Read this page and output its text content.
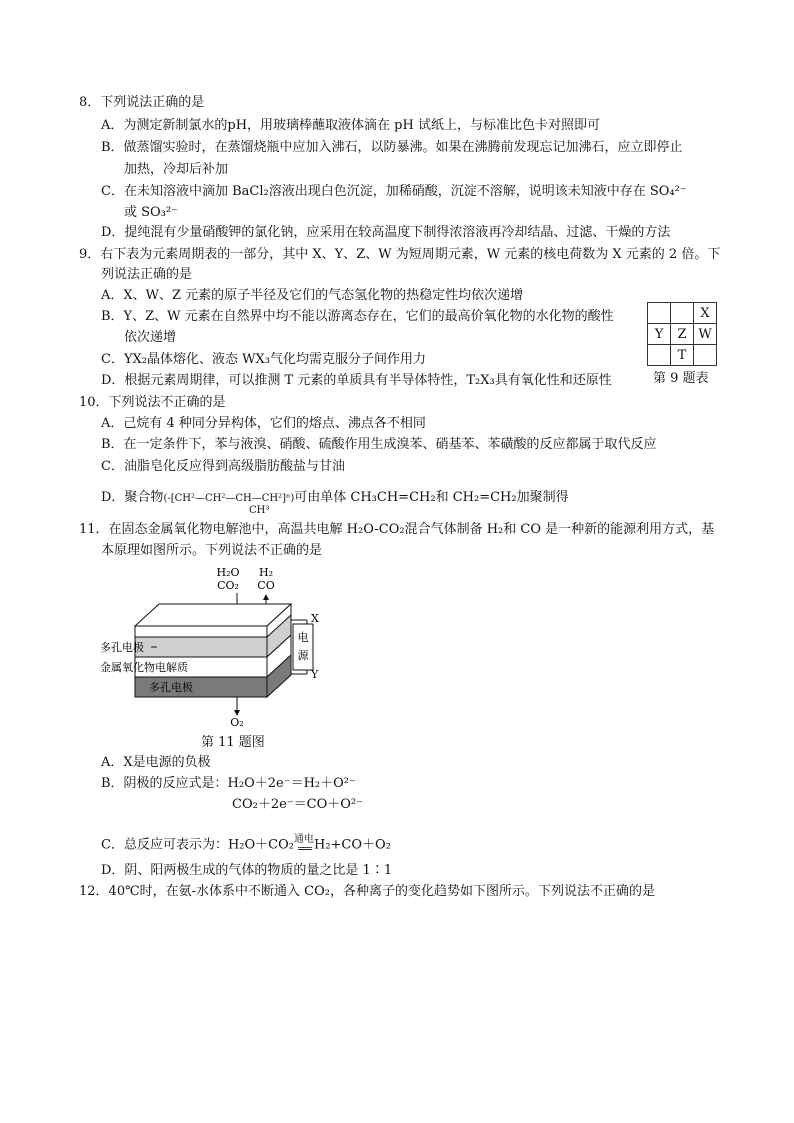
8．下列说法正确的是
A．为测定新制氯水的pH，用玻璃棒蘸取液体滴在 pH 试纸上，与标准比色卡对照即可
B．做蒸馏实验时，在蒸馏烧瓶中应加入沸石，以防暴沸。如果在沸腾前发现忘记加沸石，应立即停止
加热，冷却后补加
C．在未知溶液中滴加 BaCl₂溶液出现白色沉淀，加稀硝酸，沉淀不溶解，说明该未知液中存在 SO₄²⁻
或 SO₃²⁻
D．提纯混有少量硝酸钾的氯化钠，应采用在较高温度下制得浓溶液再冷却结晶、过滤、干燥的方法
9．右下表为元素周期表的一部分，其中 X、Y、Z、W 为短周期元素，W 元素的核电荷数为 X 元素的 2 倍。下
列说法正确的是
A．X、W、Z 元素的原子半径及它们的气态氢化物的热稳定性均依次递增
B．Y、Z、W 元素在自然界中均不能以游离态存在，它们的最高价氧化物的水化物的酸性
依次递增
C．YX₂晶体熔化、液态 WX₃气化均需克服分子间作用力
D．根据元素周期律，可以推测 T 元素的单质具有半导体特性，T₂X₃具有氧化性和还原性
		X
Y	Z	W
	T	
第 9 题表
10．下列说法不正确的是
A．己烷有 4 种同分异构体，它们的熔点、沸点各不相同
B．在一定条件下，苯与液溴、硝酸、硫酸作用生成溴苯、硝基苯、苯磺酸的反应都属于取代反应
C．油脂皂化反应得到高级脂肪酸盐与甘油
D．聚合物(-[CH²—CH²—CH—CH²]ⁿ)可由单体 CH₃CH=CH₂和 CH₂=CH₂加聚制得
CH³
11．在固态金属氧化物电解池中，高温共电解 H₂O-CO₂混合气体制备 H₂和 CO 是一种新的能源利用方式，基
本原理如图所示。下列说法不正确的是
H₂O
CO₂
H₂
CO
电
源
X
Y
多孔电极
金属氧化物电解质
多孔电极
O₂
第 11 题图
A．X是电源的负极
B．阴极的反应式是：H₂O＋2e⁻＝H₂＋O²⁻
CO₂＋2e⁻＝CO＋O²⁻
C．总反应可表示为：H₂O＋CO₂ 通电
═══ H₂+CO＋O₂
D．阴、阳两极生成的气体的物质的量之比是 1∶1
12．40℃时，在氨-水体系中不断通入 CO₂，各种离子的变化趋势如下图所示。下列说法不正确的是
